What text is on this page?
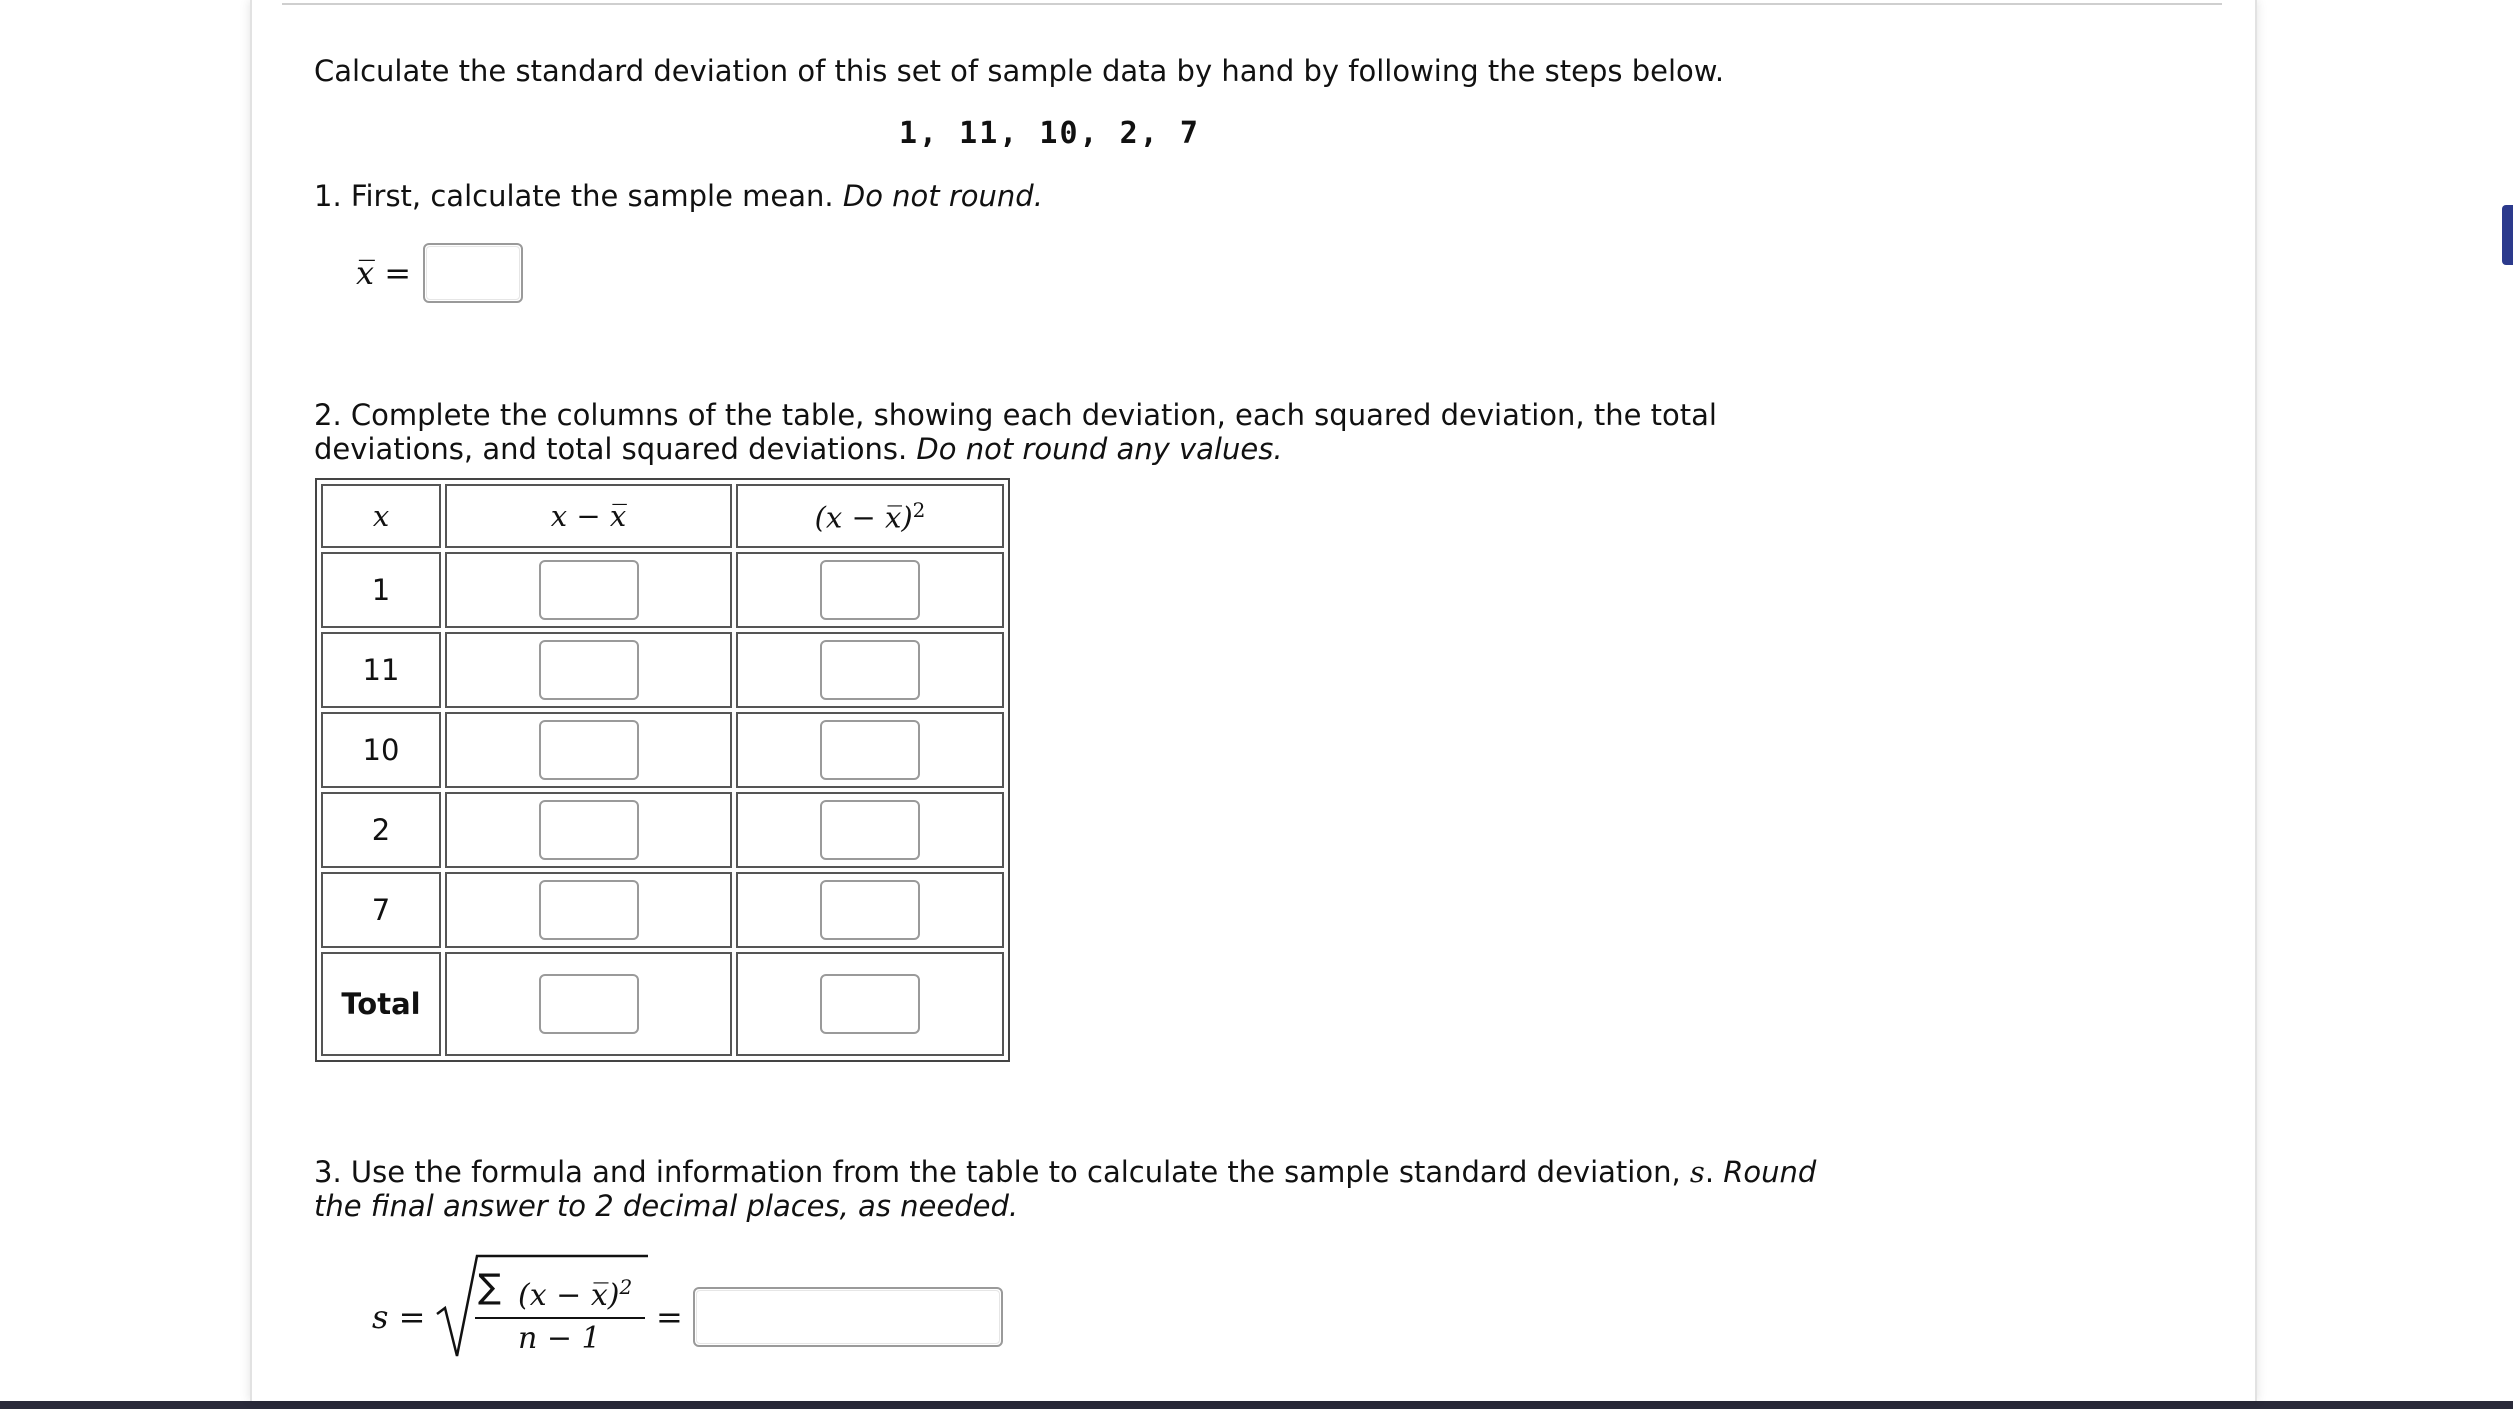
Calculate the standard deviation of this set of sample data by hand by following the steps below.
1, 11, 10, 2, 7
1. First, calculate the sample mean. Do not round.
x̅ =
2. Complete the columns of the table, showing each deviation, each squared deviation, the total
deviations, and total squared deviations. Do not round any values.
x	x − x̅	(x − x̅)$^2$
1		
11		
10		
2		
7		
Total		
3. Use the formula and information from the table to calculate the sample standard deviation, s. Round
the final answer to 2 decimal places, as needed.
s =
∑ (x − x̅)$^2$
n − 1
=
